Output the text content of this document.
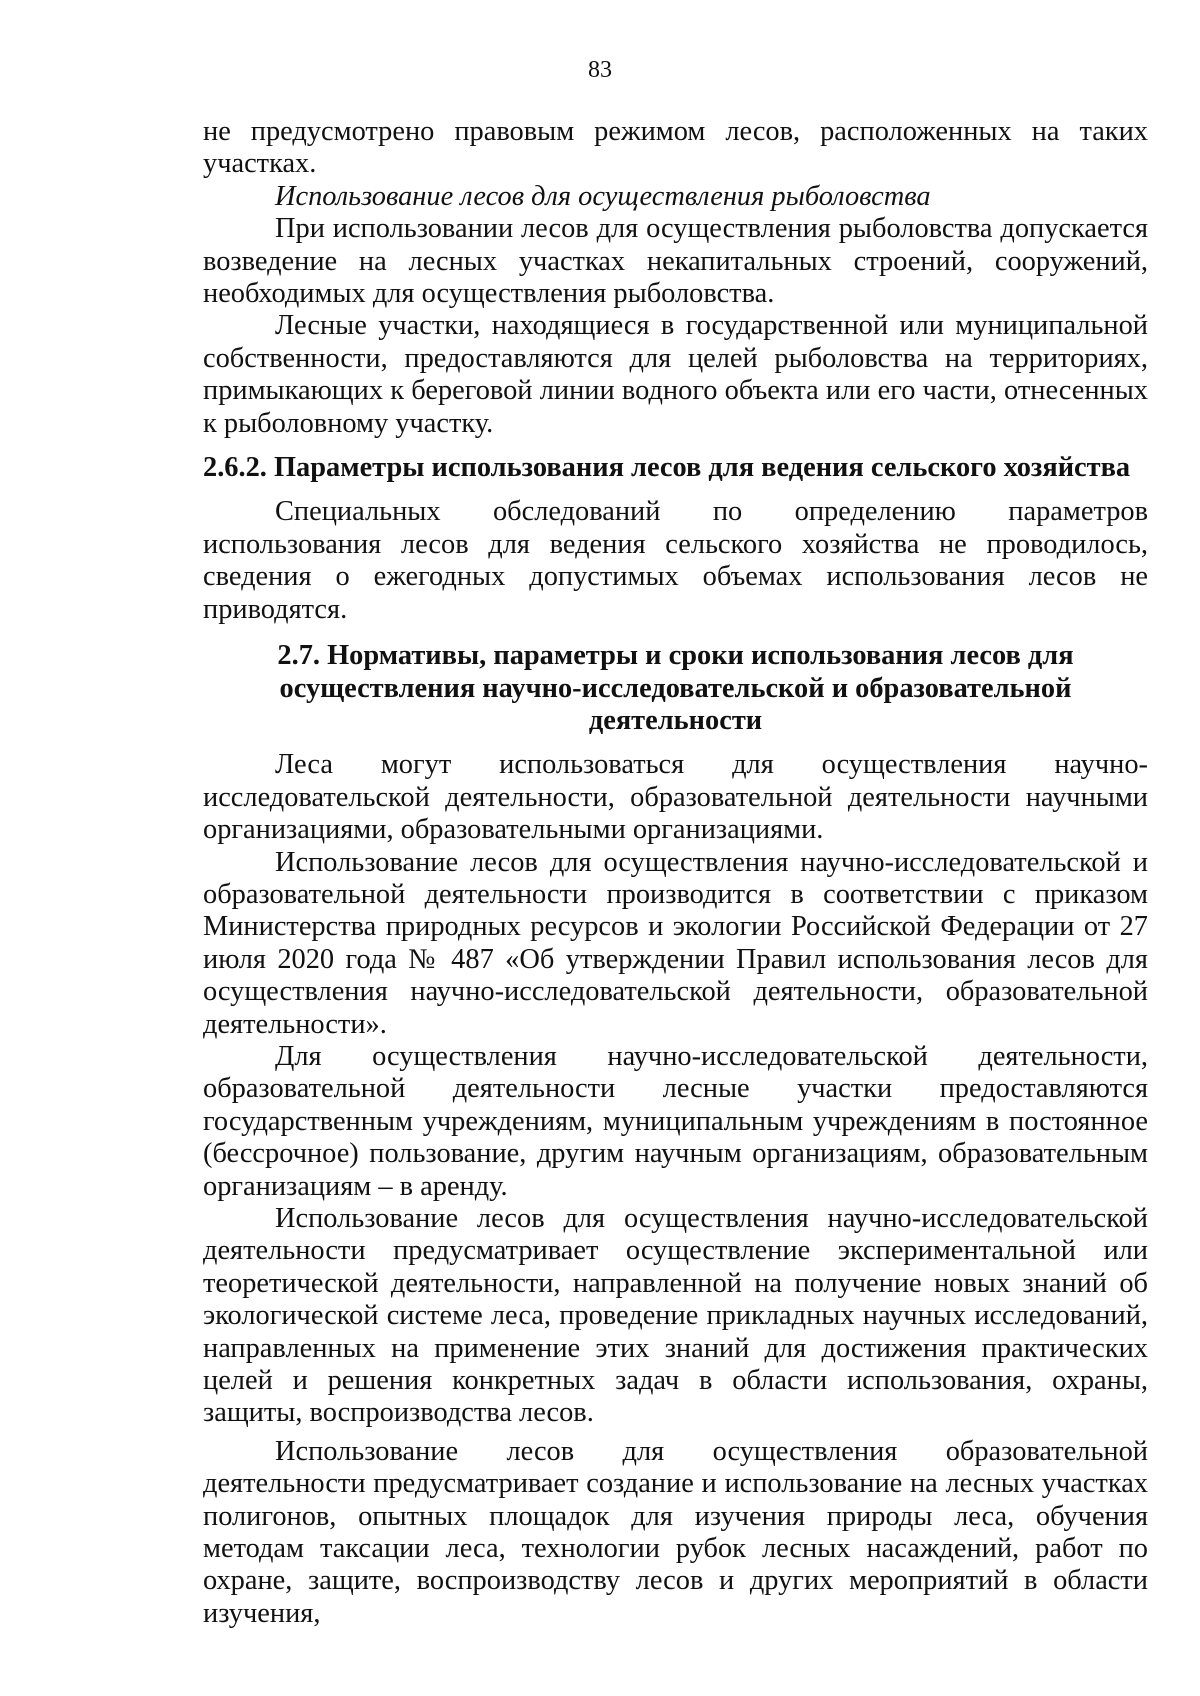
83

не предусмотрено правовым режимом лесов, расположенных на таких участках.

Использование лесов для осуществления рыболовства

При использовании лесов для осуществления рыболовства допускается возведение на лесных участках некапитальных строений, сооружений, необходимых для осуществления рыболовства.

Лесные участки, находящиеся в государственной или муниципальной собственности, предоставляются для целей рыболовства на территориях, примыкающих к береговой линии водного объекта или его части, отнесенных к рыболовному участку.

2.6.2. Параметры использования лесов для ведения сельского хозяйства

Специальных обследований по определению параметров использования лесов для ведения сельского хозяйства не проводилось, сведения о ежегодных допустимых объемах использования лесов не приводятся.

2.7. Нормативы, параметры и сроки использования лесов для осуществления научно-исследовательской и образовательной деятельности

Леса могут использоваться для осуществления научно-исследовательской деятельности, образовательной деятельности научными организациями, образовательными организациями.

Использование лесов для осуществления научно-исследовательской и образовательной деятельности производится в соответствии с приказом Министерства природных ресурсов и экологии Российской Федерации от 27 июля 2020 года № 487 «Об утверждении Правил использования лесов для осуществления научно-исследовательской деятельности, образовательной деятельности».

Для осуществления научно-исследовательской деятельности, образовательной деятельности лесные участки предоставляются государственным учреждениям, муниципальным учреждениям в постоянное (бессрочное) пользование, другим научным организациям, образовательным организациям – в аренду.

Использование лесов для осуществления научно-исследовательской деятельности предусматривает осуществление экспериментальной или теоретической деятельности, направленной на получение новых знаний об экологической системе леса, проведение прикладных научных исследований, направленных на применение этих знаний для достижения практических целей и решения конкретных задач в области использования, охраны, защиты, воспроизводства лесов.

Использование лесов для осуществления образовательной деятельности предусматривает создание и использование на лесных участках полигонов, опытных площадок для изучения природы леса, обучения методам таксации леса, технологии рубок лесных насаждений, работ по охране, защите, воспроизводству лесов и других мероприятий в области изучения,
